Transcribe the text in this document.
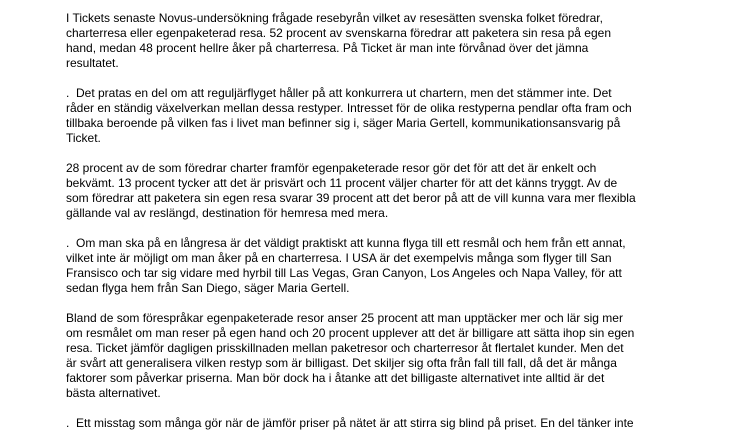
I Tickets senaste Novus-undersökning frågade resebyrån vilket av resesätten svenska folket föredrar,
charterresa eller egenpaketerad resa. 52 procent av svenskarna föredrar att paketera sin resa på egen
hand, medan 48 procent hellre åker på charterresa. På Ticket är man inte förvånad över det jämna
resultatet.
.  Det pratas en del om att reguljärflyget håller på att konkurrera ut chartern, men det stämmer inte. Det
råder en ständig växelverkan mellan dessa restyper. Intresset för de olika restyperna pendlar ofta fram och
tillbaka beroende på vilken fas i livet man befinner sig i, säger Maria Gertell, kommunikationsansvarig på
Ticket.
28 procent av de som föredrar charter framför egenpaketerade resor gör det för att det är enkelt och
bekvämt. 13 procent tycker att det är prisvärt och 11 procent väljer charter för att det känns tryggt. Av de
som föredrar att paketera sin egen resa svarar 39 procent att det beror på att de vill kunna vara mer flexibla
gällande val av reslängd, destination för hemresa med mera.
.  Om man ska på en långresa är det väldigt praktiskt att kunna flyga till ett resmål och hem från ett annat,
vilket inte är möjligt om man åker på en charterresa. I USA är det exempelvis många som flyger till San
Fransisco och tar sig vidare med hyrbil till Las Vegas, Gran Canyon, Los Angeles och Napa Valley, för att
sedan flyga hem från San Diego, säger Maria Gertell.
Bland de som förespråkar egenpaketerade resor anser 25 procent att man upptäcker mer och lär sig mer
om resmålet om man reser på egen hand och 20 procent upplever att det är billigare att sätta ihop sin egen
resa. Ticket jämför dagligen prisskillnaden mellan paketresor och charterresor åt flertalet kunder. Men det
är svårt att generalisera vilken restyp som är billigast. Det skiljer sig ofta från fall till fall, då det är många
faktorer som påverkar priserna. Man bör dock ha i åtanke att det billigaste alternativet inte alltid är det
bästa alternativet.
.  Ett misstag som många gör när de jämför priser på nätet är att stirra sig blind på priset. En del tänker inte
